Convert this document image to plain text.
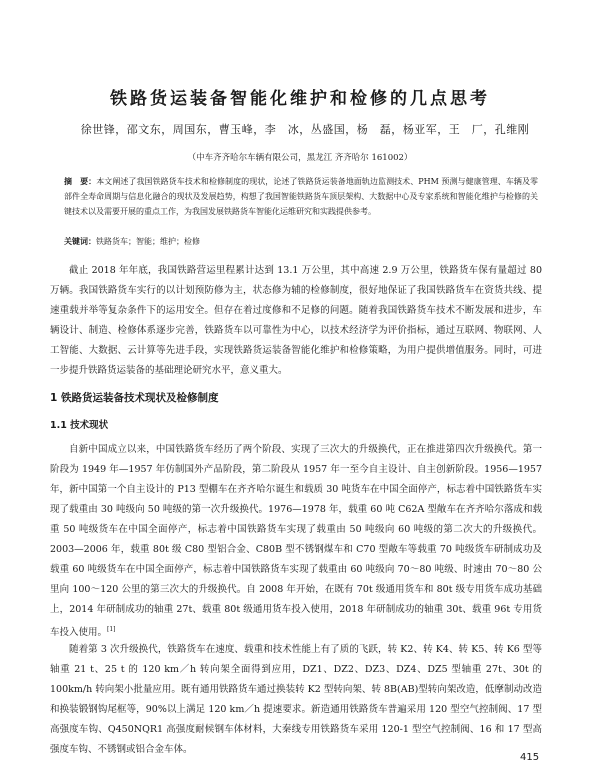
铁路货运装备智能化维护和检修的几点思考
徐世锋，邵文东，周国东，曹玉峰，李　冰，丛盛国，杨　磊，杨亚军，王　厂，孔维刚
（中车齐齐哈尔车辆有限公司，黑龙江 齐齐哈尔 161002）
摘　要：本文阐述了我国铁路货车技术和检修制度的现状，论述了铁路货运装备地面轨边监测技术、PHM 预测与健康管理、车辆及零部件全寿命周期与信息化融合的现状及发展趋势，构想了我国智能铁路货车顶层架构、大数据中心及专家系统和智能化维护与检修的关键技术以及需要开展的重点工作，为我国发展铁路货车智能化运维研究和实践提供参考。
关键词：铁路货车；智能；维护；检修
截止 2018 年年底，我国铁路营运里程累计达到 13.1 万公里，其中高速 2.9 万公里，铁路货车保有量超过 80 万辆。我国铁路货车实行的以计划预防修为主，状态修为辅的检修制度，很好地保证了我国铁路货车在资货共线、提速重载并举等复杂条件下的运用安全。但存在着过度修和不足修的问题。随着我国铁路货车技术不断发展和进步，车辆设计、制造、检修体系逐步完善，铁路货车以可靠性为中心，以技术经济学为评价指标，通过互联网、物联网、人工智能、大数据、云计算等先进手段，实现铁路货运装备智能化维护和检修策略，为用户提供增值服务。同时，可进一步提升铁路货运装备的基础理论研究水平，意义重大。
1 铁路货运装备技术现状及检修制度
1.1 技术现状
自新中国成立以来，中国铁路货车经历了两个阶段、实现了三次大的升级换代，正在推进第四次升级换代。第一阶段为 1949 年—1957 年仿制国外产品阶段，第二阶段从 1957 年一至今自主设计、自主创新阶段。1956—1957 年，新中国第一个自主设计的 P13 型棚车在齐齐哈尔诞生和载质 30 吨货车在中国全面停产，标志着中国铁路货车实现了载重由 30 吨级向 50 吨级的第一次升级换代。1976—1978 年，载重 60 吨 C62A 型敞车在齐齐哈尔落成和载重 50 吨级货车在中国全面停产，标志着中国铁路货车实现了载重由 50 吨级向 60 吨级的第二次大的升级换代。2003—2006 年，载重 80t 级 C80 型铝合金、C80B 型不锈钢煤车和 C70 型敞车等载重 70 吨级货车研制成功及载重 60 吨级货车在中国全面停产，标志着中国铁路货车实现了载重由 60 吨级向 70～80 吨级、时速由 70～80 公里向 100～120 公里的第三次大的升级换代。自 2008 年开始，在既有 70t 级通用货车和 80t 级专用货车成功基础上，2014 年研制成功的轴重 27t、载重 80t 级通用货车投入使用，2018 年研制成功的轴重 30t、载重 96t 专用货车投入使用。[1]
随着第 3 次升级换代，铁路货车在速度、载重和技术性能上有了质的飞跃，转 K2、转 K4、转 K5、转 K6 型等轴重 21 t、25 t 的 120 km／h 转向架全面得到应用，DZ1、DZ2、DZ3、DZ4、DZ5 型轴重 27t、30t 的 100km/h 转向架小批量应用。既有通用铁路货车通过换装转 K2 型转向架、转 8B(AB)型转向架改造，低摩制动改造和换装锻钢钩尾框等，90%以上满足 120 km／h 提速要求。新造通用铁路货车普遍采用 120 型空气控制阀、17 型高强度车钩、Q450NQR1 高强度耐候钢车体材料，大秦线专用铁路货车采用 120-1 型空气控制阀、16 和 17 型高强度车钩、不锈钢或铝合金车体。
415
